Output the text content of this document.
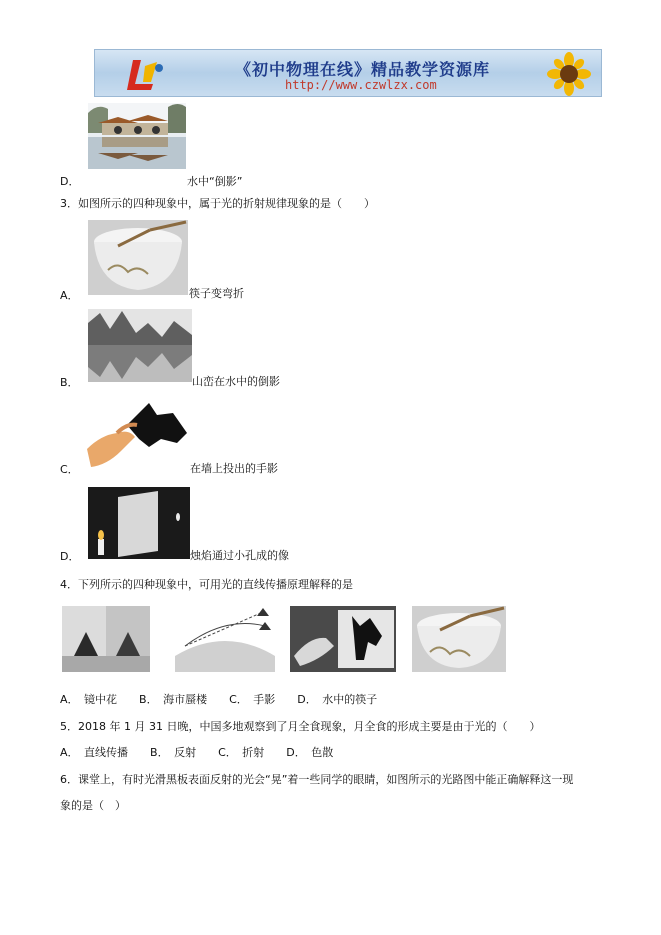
《初中物理在线》精品教学资源库
http://www.czwlzx.com
D．	水中“倒影”
3．如图所示的四种现象中，属于光的折射规律现象的是（　　）
A．	筷子变弯折
B．	山峦在水中的倒影
C．	在墙上投出的手影
D．	烛焰通过小孔成的像
4．下列所示的四种现象中，可用光的直线传播原理解释的是
A．　镜中花　　B．　海市蜃楼　　C．　手影　　D．　水中的筷子
5．2018 年 1 月 31 日晚，中国多地观察到了月全食现象，月全食的形成主要是由于光的（　　）
A．　直线传播　　B．　反射　　C．　折射　　D．　色散
6．课堂上，有时光滑黑板表面反射的光会“晃”着一些同学的眼睛，如图所示的光路图中能正确解释这一现
象的是（　）
